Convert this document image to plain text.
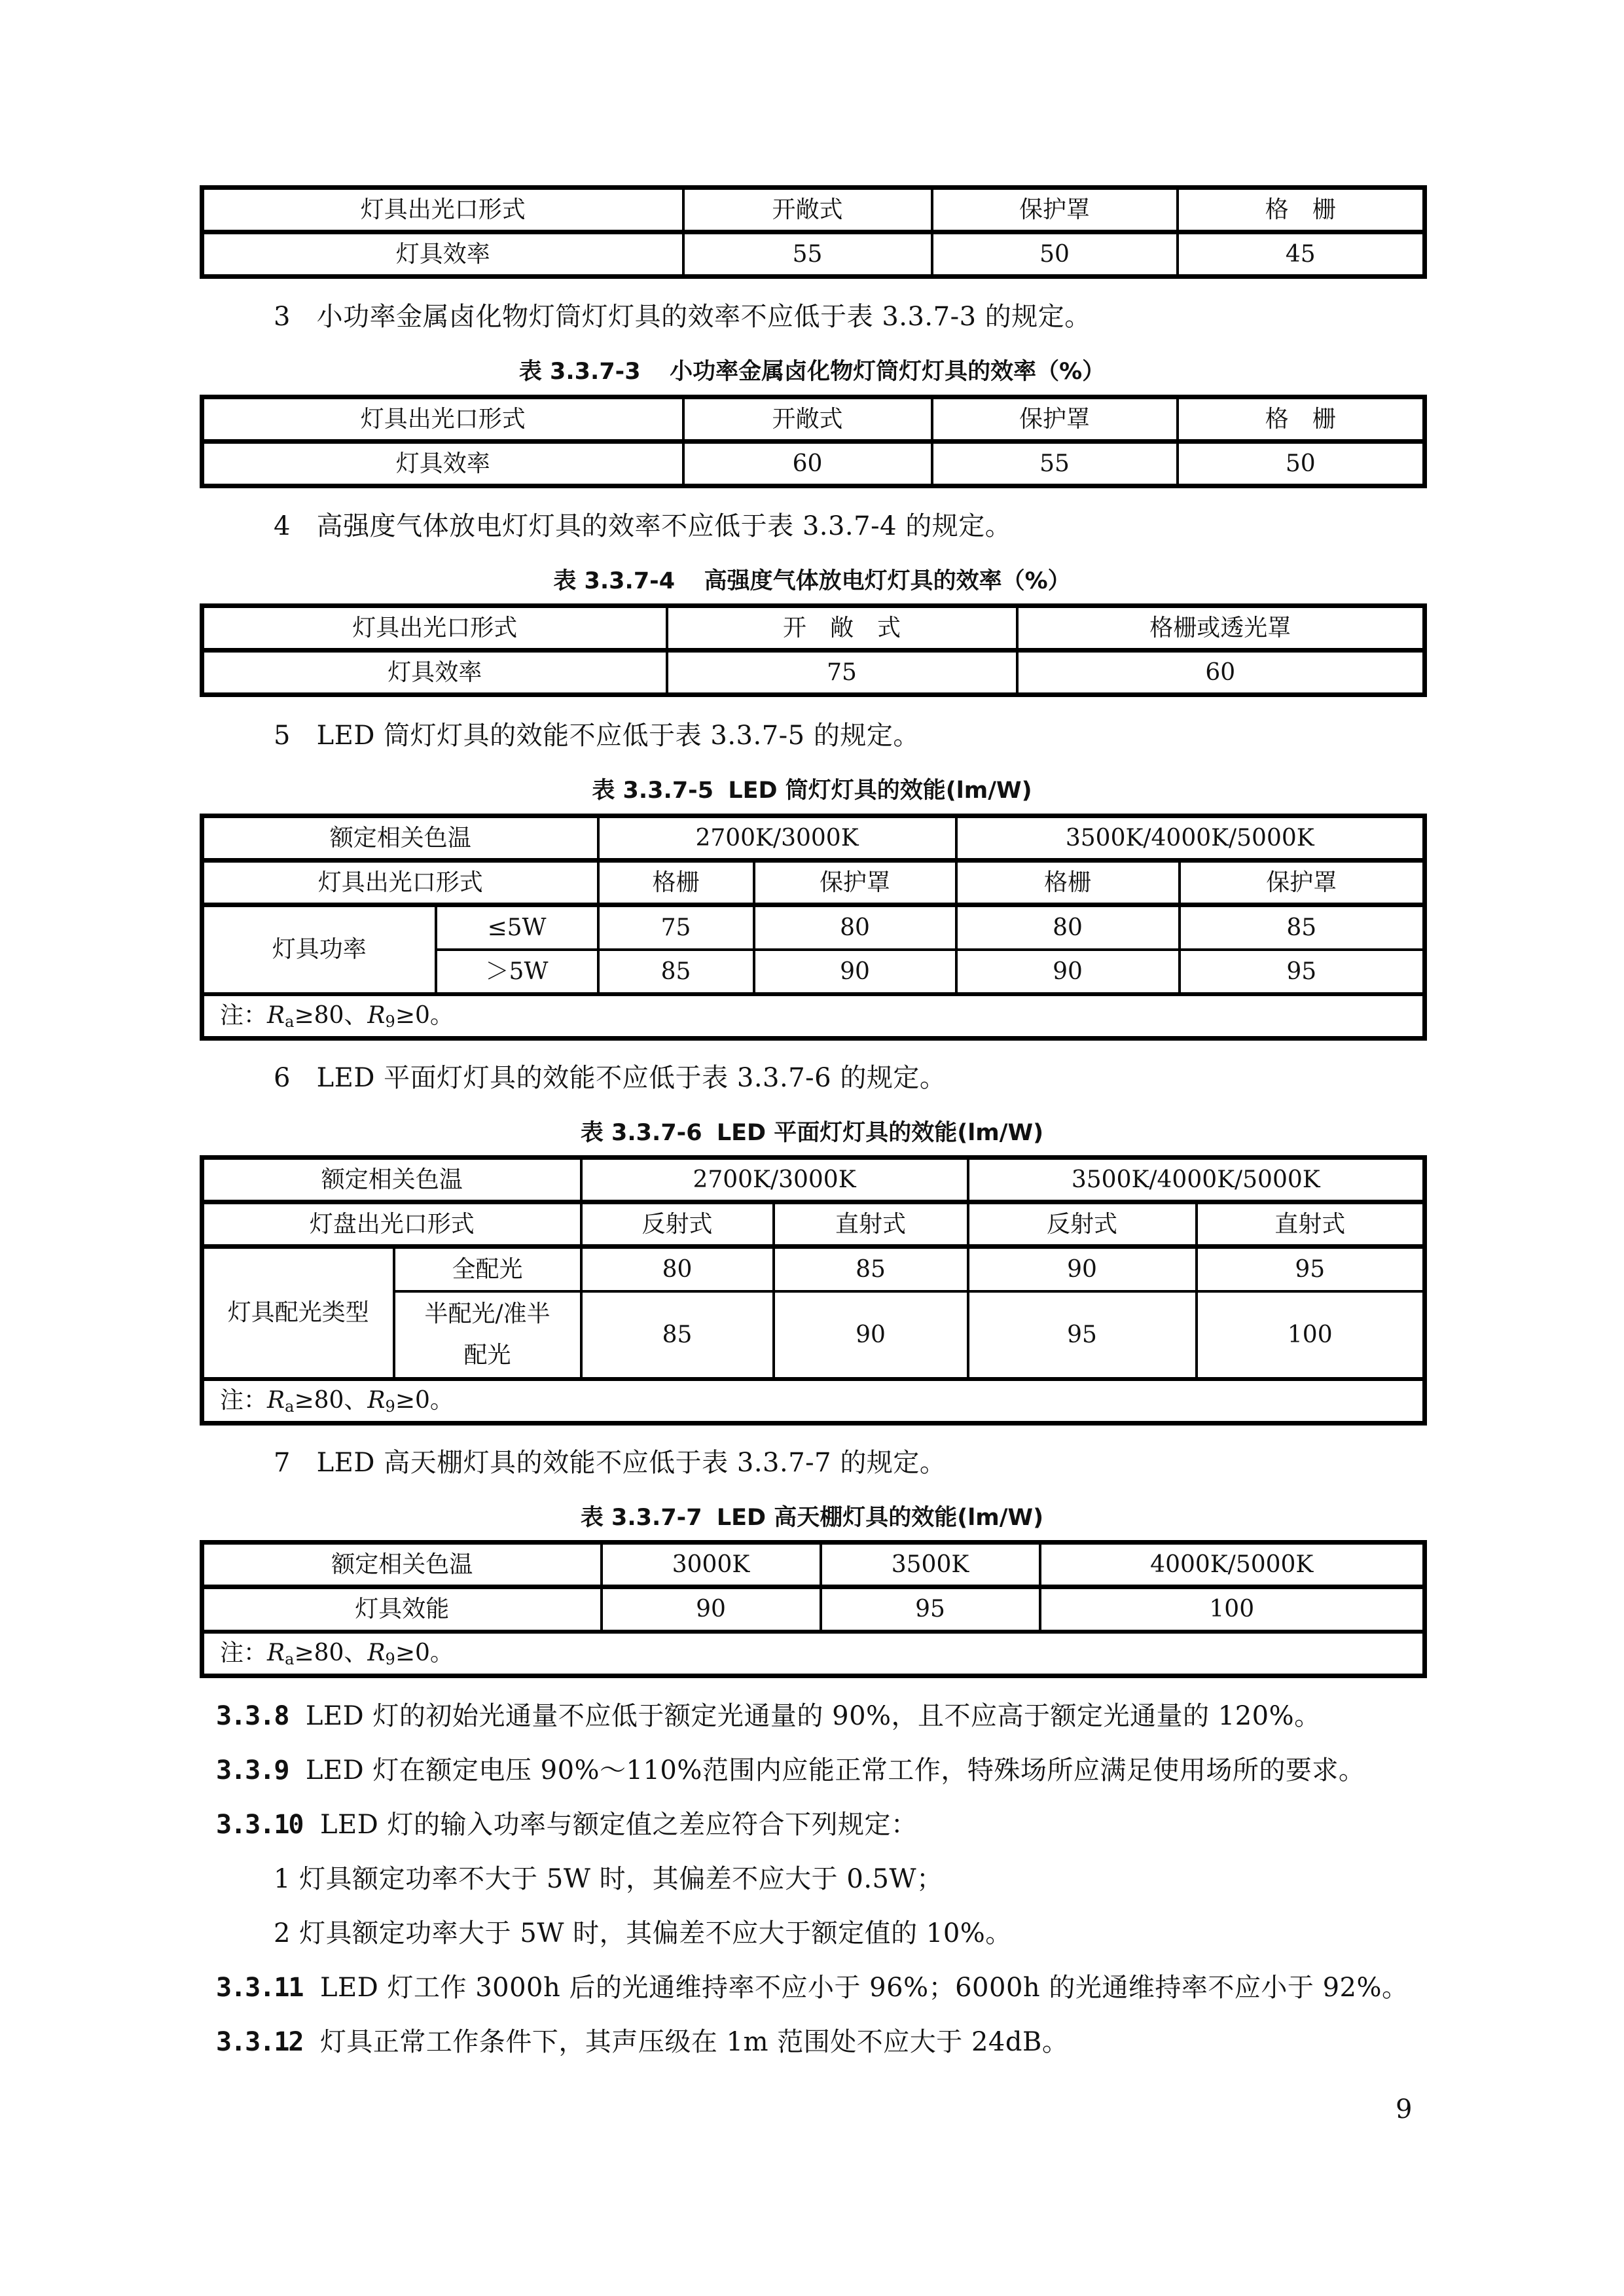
灯具出光口形式	开敞式	保护罩	格　栅
灯具效率	55	50	45
3 小功率金属卤化物灯筒灯灯具的效率不应低于表 3.3.7-3 的规定。
表 3.3.7-3 小功率金属卤化物灯筒灯灯具的效率（%）
灯具出光口形式	开敞式	保护罩	格　栅
灯具效率	60	55	50
4 高强度气体放电灯灯具的效率不应低于表 3.3.7-4 的规定。
表 3.3.7-4 高强度气体放电灯灯具的效率（%）
灯具出光口形式	开　敞　式	格栅或透光罩
灯具效率	75	60
5 LED 筒灯灯具的效能不应低于表 3.3.7-5 的规定。
表 3.3.7-5 LED 筒灯灯具的效能(lm/W)
额定相关色温		2700K/3000K		3500K/4000K/5000K	
灯具出光口形式		格栅	保护罩	格栅	保护罩
灯具功率	≤5W	75	80	80	85
	＞5W	85	90	90	95
注：$R_a\ge 80$、$R_9\ge 0$。					
6 LED 平面灯灯具的效能不应低于表 3.3.7-6 的规定。
表 3.3.7-6 LED 平面灯灯具的效能(lm/W)
额定相关色温		2700K/3000K		3500K/4000K/5000K	
灯盘出光口形式		反射式	直射式	反射式	直射式
灯具配光类型	全配光	80	85	90	95
	半配光/准半配光	85	90	95	100
注：$R_a\ge 80$、$R_9\ge 0$。					
7 LED 高天棚灯具的效能不应低于表 3.3.7-7 的规定。
表 3.3.7-7 LED 高天棚灯具的效能(lm/W)
额定相关色温	3000K	3500K	4000K/5000K
灯具效能	90	95	100
注：$R_a\ge 80$、$R_9\ge 0$。			
3.3.8 LED 灯的初始光通量不应低于额定光通量的 90%，且不应高于额定光通量的 120%。
3.3.9 LED 灯在额定电压 90%～110%范围内应能正常工作，特殊场所应满足使用场所的要求。
3.3.10 LED 灯的输入功率与额定值之差应符合下列规定：
1 灯具额定功率不大于 5W 时，其偏差不应大于 0.5W；
2 灯具额定功率大于 5W 时，其偏差不应大于额定值的 10%。
3.3.11 LED 灯工作 3000h 后的光通维持率不应小于 96%；6000h 的光通维持率不应小于 92%。
3.3.12 灯具正常工作条件下，其声压级在 1m 范围处不应大于 24dB。
9
